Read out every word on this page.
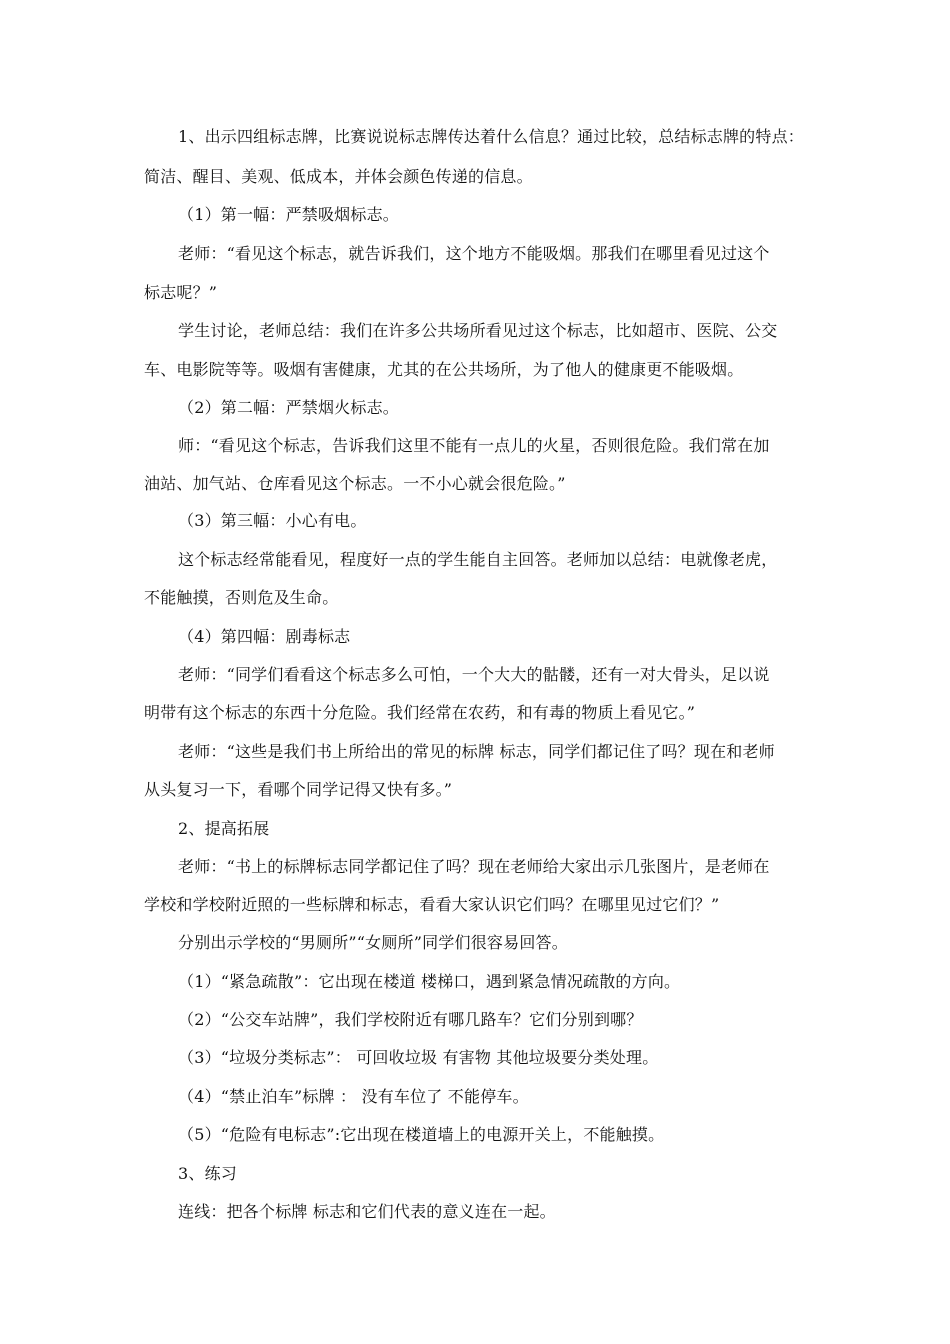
1、出示四组标志牌，比赛说说标志牌传达着什么信息？通过比较，总结标志牌的特点：
简洁、醒目、美观、低成本，并体会颜色传递的信息。
（1）第一幅：严禁吸烟标志。
老师：“看见这个标志，就告诉我们，这个地方不能吸烟。那我们在哪里看见过这个
标志呢？”
学生讨论，老师总结：我们在许多公共场所看见过这个标志，比如超市、医院、公交
车、电影院等等。吸烟有害健康，尤其的在公共场所，为了他人的健康更不能吸烟。
（2）第二幅：严禁烟火标志。
师：“看见这个标志，告诉我们这里不能有一点儿的火星，否则很危险。我们常在加
油站、加气站、仓库看见这个标志。一不小心就会很危险。”
（3）第三幅：小心有电。
这个标志经常能看见，程度好一点的学生能自主回答。老师加以总结：电就像老虎，
不能触摸，否则危及生命。
（4）第四幅：剧毒标志
老师：“同学们看看这个标志多么可怕，一个大大的骷髅，还有一对大骨头，足以说
明带有这个标志的东西十分危险。我们经常在农药，和有毒的物质上看见它。”
老师：“这些是我们书上所给出的常见的标牌 标志，同学们都记住了吗？现在和老师
从头复习一下，看哪个同学记得又快有多。”
2、提高拓展
老师：“书上的标牌标志同学都记住了吗？现在老师给大家出示几张图片，是老师在
学校和学校附近照的一些标牌和标志，看看大家认识它们吗？在哪里见过它们？”
分别出示学校的“男厕所”“女厕所”同学们很容易回答。
（1）“紧急疏散”：它出现在楼道 楼梯口，遇到紧急情况疏散的方向。
（2）“公交车站牌”，我们学校附近有哪几路车？它们分别到哪？
（3）“垃圾分类标志”： 可回收垃圾 有害物 其他垃圾要分类处理。
（4）“禁止泊车”标牌 ： 没有车位了 不能停车。
（5）“危险有电标志”:它出现在楼道墙上的电源开关上，不能触摸。
3、练习
连线：把各个标牌 标志和它们代表的意义连在一起。
